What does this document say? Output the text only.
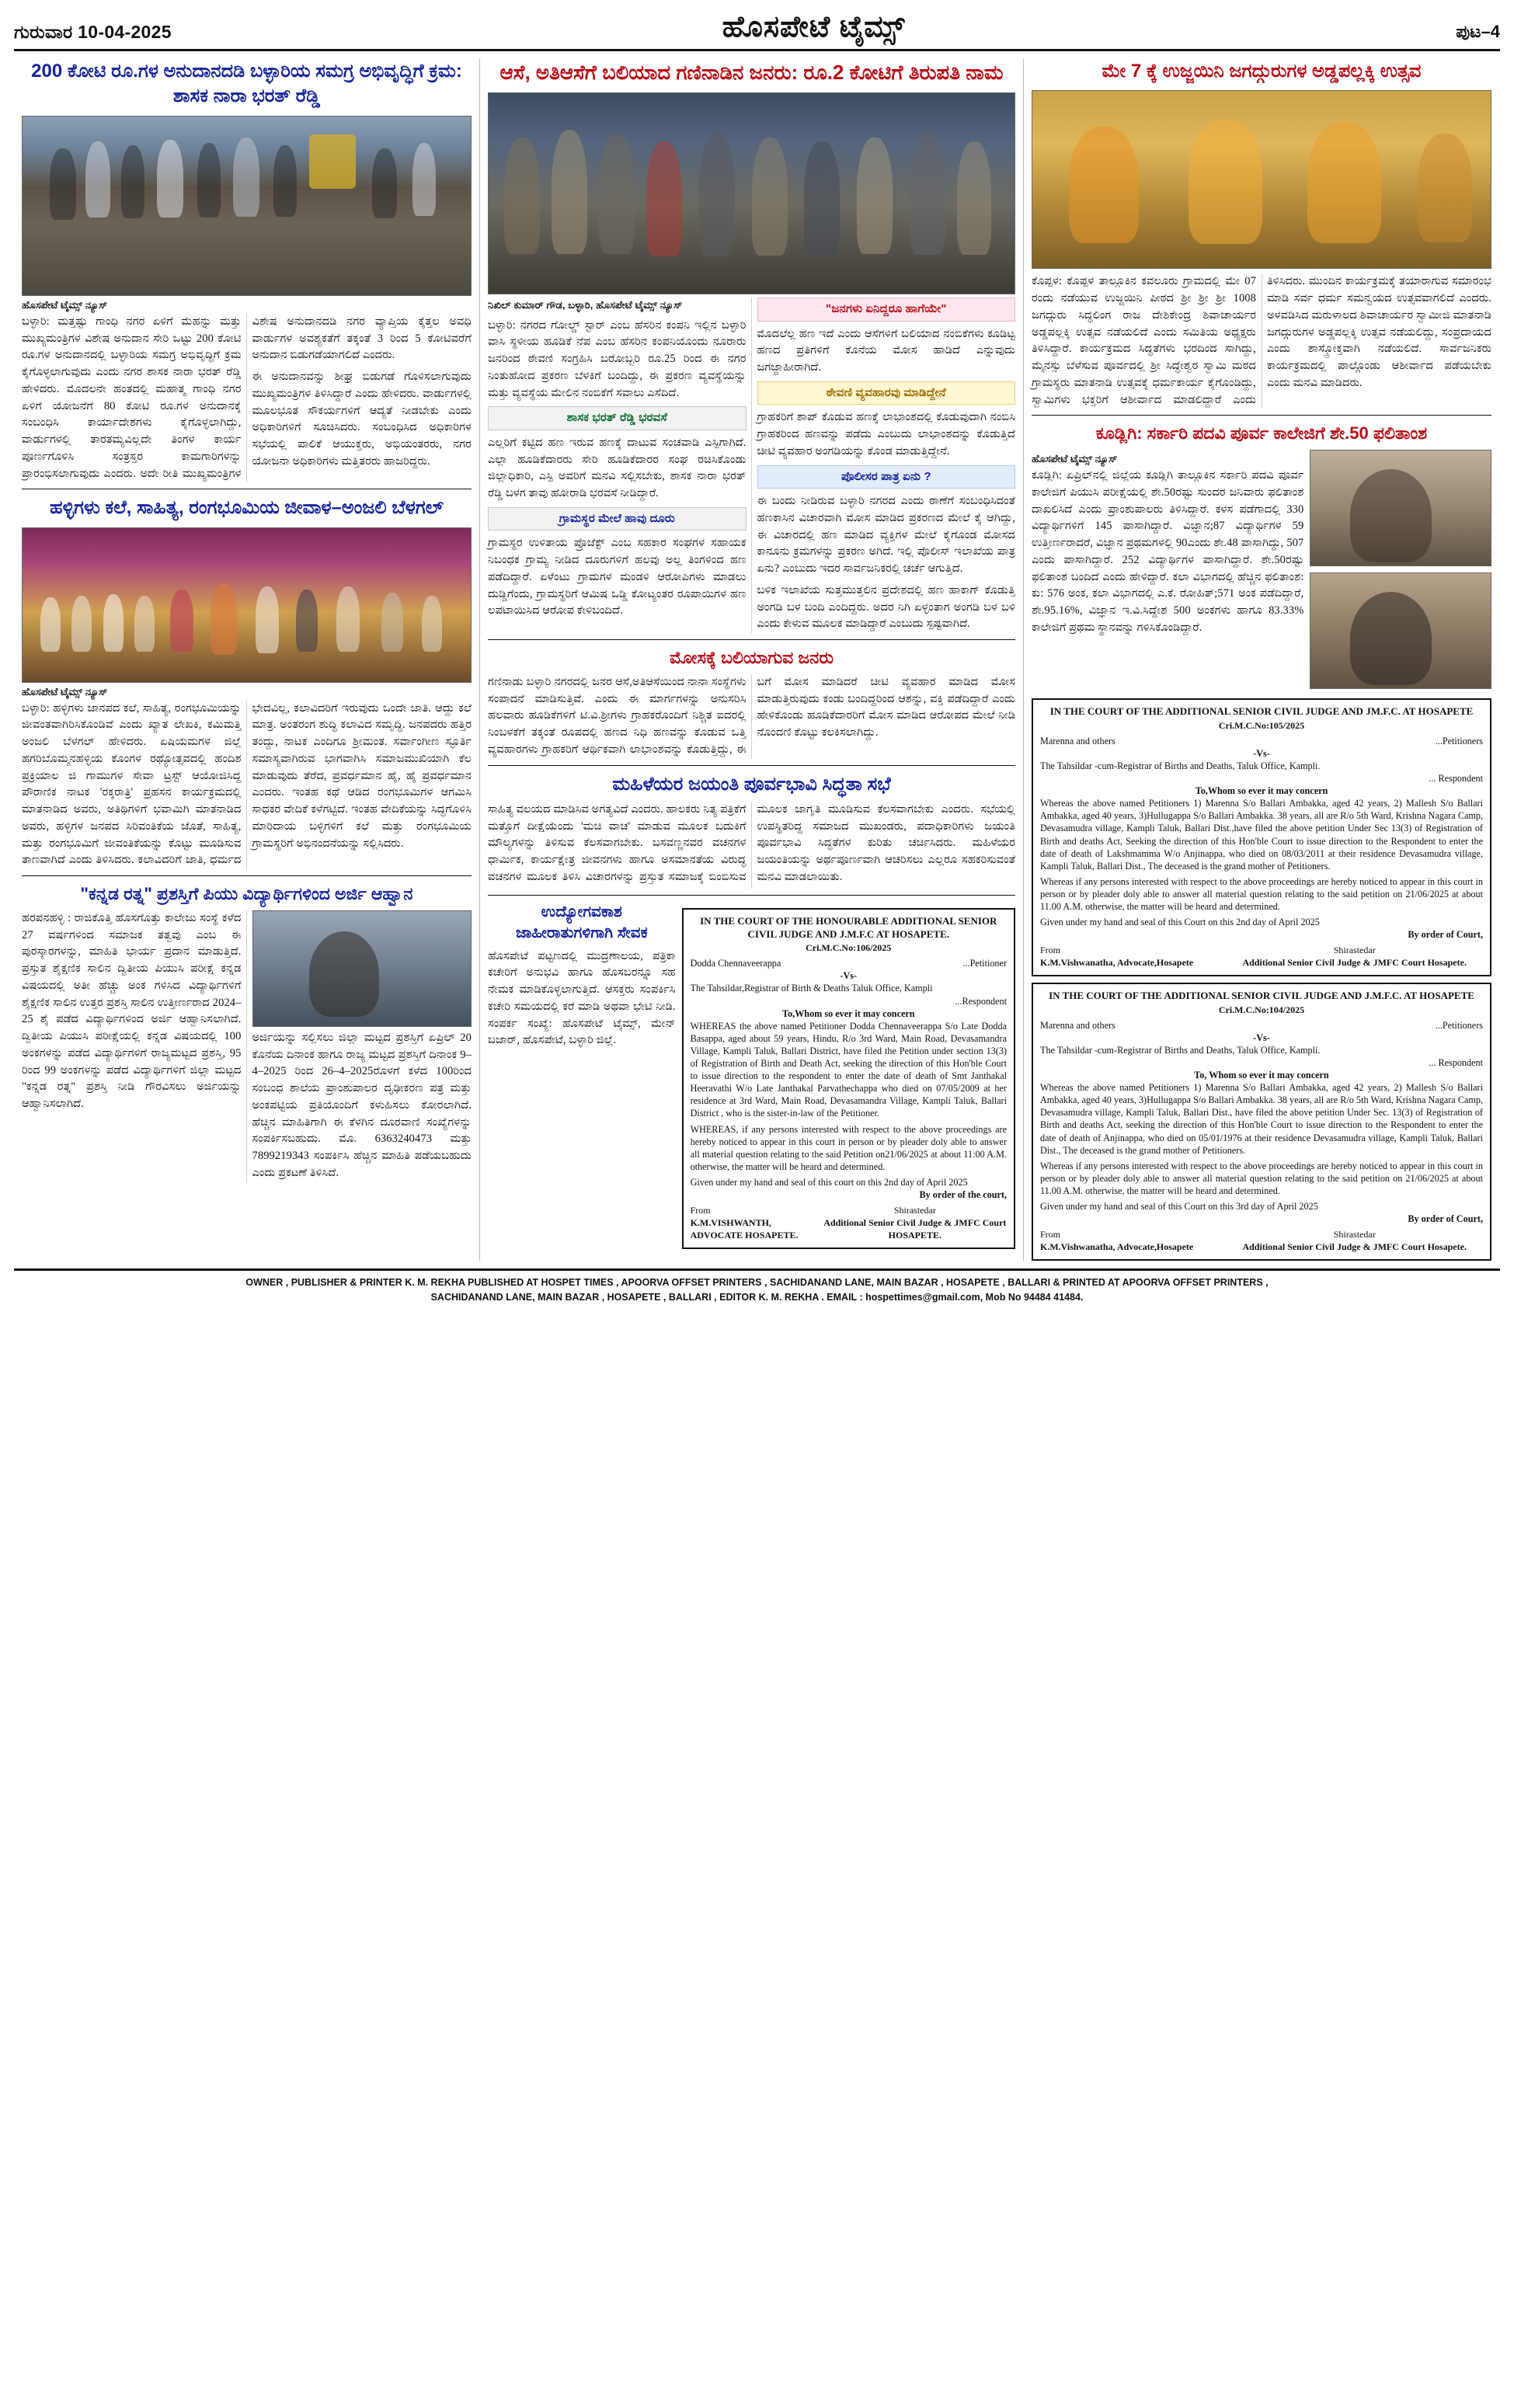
ಗುರುವಾರ 10-04-2025	ಹೊಸಪೇಟೆ ಟೈಮ್ಸ್	ಪುಟ–4
200 ಕೋಟಿ ರೂ.ಗಳ ಅನುದಾನದಡಿ ಬಳ್ಳಾರಿಯ ಸಮಗ್ರ ಅಭಿವೃದ್ಧಿಗೆ ಕ್ರಮ: ಶಾಸಕ ನಾರಾ ಭರತ್ ರೆಡ್ಡಿ
ಹೊಸಪೇಟೆ ಟೈಮ್ಸ್ ನ್ಯೂಸ್

ಬಳ್ಳಾರಿ: ಮತ್ತಷ್ಟು ಗಾಂಧಿ ನಗರ ಏಳಿಗೆ ಮೆಹನ್ನು ಮತ್ತು ಮುಖ್ಯಮಂತ್ರಿಗಳ ವಿಶೇಷ ಅನುದಾನ ಸೇರಿ ಒಟ್ಟು 200 ಕೋಟಿ ರೂ.ಗಳ ಅನುದಾನದಲ್ಲಿ ಬಳ್ಳಾರಿಯ ಸಮಗ್ರ ಅಭಿವೃದ್ಧಿಗೆ ಕ್ರಮ ಕೈಗೊಳ್ಳಲಾಗುವುದು ಎಂದು ನಗರ ಶಾಸಕ ನಾರಾ ಭರತ್ ರೆಡ್ಡಿ ಹೇಳಿದರು. ಮೊದಲನೇ ಹಂತದಲ್ಲಿ ಮಹಾತ್ಮ ಗಾಂಧಿ ನಗರ ಏಳಿಗೆ ಯೋಜನೆಗೆ 80 ಕೋಟಿ ರೂ.ಗಳ ಅನುದಾನಕ್ಕೆ ಸಂಬಂಧಿಸಿ ಕಾರ್ಯಾದೇಶಗಳು ಕೈಗೊಳ್ಳಲಾಗಿದ್ದು, ವಾರ್ಡುಗಳಲ್ಲಿ ತಾರತಮ್ಯವಿಲ್ಲದೇ ತಿಂಗಳ ಕಾರ್ಯ ಪೂರ್ಣಗೊಳಿಸಿ ಸಂತ್ರಸ್ತರ ಕಾಮಗಾರಿಗಳನ್ನು ಪ್ರಾರಂಭಿಸಲಾಗುವುದು ಎಂದರು. ಅದೇ ರೀತಿ ಮುಖ್ಯಮಂತ್ರಿಗಳ ವಿಶೇಷ ಅನುದಾನದಡಿ ನಗರ ವ್ಯಾಪ್ತಿಯ ಕೈತ್ತಲ ಅವಧಿ ವಾರ್ಡುಗಳ ಅವಶ್ಯಕತೆಗೆ ತಕ್ಕಂತೆ 3 ರಿಂದ 5 ಕೋಟಿವರೆಗೆ ಅನುದಾನ ಬಿಡುಗಡೆಯಾಗಲಿದೆ ಎಂದರು.

ಈ ಅನುದಾನವನ್ನು ಶೀಘ್ರ ಬಿಡುಗಡೆ ಗೊಳಿಸಲಾಗುವುದು ಮುಖ್ಯಮಂತ್ರಿಗಳ ತಿಳಿಸಿದ್ದಾರೆ ಎಂದು ಹೇಳಿದರು. ವಾರ್ಡುಗಳಲ್ಲಿ ಮೂಲಭೂತ ಸೌಕರ್ಯಗಳಿಗೆ ಆದ್ಯತೆ ನೀಡಬೇಕು ಎಂದು ಅಧಿಕಾರಿಗಳಿಗೆ ಸೂಚಿಸಿದರು. ಸಂಬಂಧಿಸಿದ ಅಧಿಕಾರಿಗಳ ಸಭೆಯಲ್ಲಿ ಪಾಲಿಕೆ ಆಯುಕ್ತರು, ಅಭಿಯಂತರರು, ನಗರ ಯೋಜನಾ ಅಧಿಕಾರಿಗಳು ಮತ್ತಿತರರು ಹಾಜರಿದ್ದರು.

ಹಳ್ಳಿಗಳು ಕಲೆ, ಸಾಹಿತ್ಯ, ರಂಗಭೂಮಿಯ ಜೀವಾಳ–ಅಂಜಲಿ ಬೆಳಗಲ್
ಹೊಸಪೇಟೆ ಟೈಮ್ಸ್ ನ್ಯೂಸ್

ಬಳ್ಳಾರಿ: ಹಳ್ಳಿಗಳು ಜಾನಪದ ಕಲೆ, ಸಾಹಿತ್ಯ, ರಂಗಭೂಮಿಯನ್ನು ಜೀವಂತವಾಗಿರಿಸಿಕೊಂಡಿವೆ ಎಂದು ಖ್ಯಾತ ಲೇಖಕಿ, ಕಮಿಮತ್ತಿ ಅಂಜಲಿ ಬೆಳಗಲ್ ಹೇಳಿದರು. ಏಷಿಯಮಗಳ ಜಿಲ್ಲೆ ಹಗರಿಬೊಮ್ಮನಹಳ್ಳಿಯ ಕೊಂಗಳ ರಥ್ಯೋತ್ಸವದಲ್ಲಿ ಹಂದಿಶ ಪ್ರಕ್ರಿಯಾಲ ಜಿ ಗಾಮುಗಳ ಸೇವಾ ಟ್ರಸ್ಟ್ ಆಯೋಜಿಸಿದ್ದ ಪೌರಾಣಿಕ ನಾಟಕ 'ರಕ್ಕರಾತ್ರಿ' ಪ್ರಹಸನ ಕಾರ್ಯಕ್ರಮದಲ್ಲಿ ಮಾತನಾಡಿದ ಅವರು, ಅತಿಥಿಗಳಿಗೆ ಭವಾಮಿಗಿ ಮಾತನಾಡಿದ ಅವರು, ಹಳ್ಳಿಗಳ ಜನಪದ ಸಿರಿವಂತಿಕೆಯ ಜೊತೆ, ಸಾಹಿತ್ಯ, ಮತ್ತು ರಂಗಭೂಮಿಗೆ ಜೀವಂತಿಕೆಯನ್ನು ಕೊಟ್ಟು ಮೂಡಿಸುವ ತಾಣವಾಗಿದೆ ಎಂದು ತಿಳಿಸಿದರು. ಕಲಾವಿದರಿಗೆ ಜಾತಿ, ಧರ್ಮದ ಭೇದವಿಲ್ಲ, ಕಲಾವಿದರಿಗೆ ಇರುವುದು ಒಂದೇ ಜಾತಿ. ಆದ್ದು ಕಲೆ ಮಾತ್ರ. ಅಂತರಂಗ ಶುದ್ಧಿ ಕಲಾವಿದ ಸಮೃದ್ಧಿ. ಜನಪದರು ಹತ್ತಿರ ತಂದ್ದು, ನಾಟಕ ಎಂದಿಗೂ ಶ್ರೀಮಂತ. ಸರ್ವಾಂಗೀಣ ಸ್ಫೂರ್ತಿ ಸಮಾಸ್ಯವಾಗಿರುವ ಭಾಗವಾಗಿಸಿ ಸಮಾಜಮುಖಿಯಾಗಿ ಕೆಲ ಮಾಡುವುದು ತೆರೆದ, ಪ್ರವರ್ಧಮಾನ ಹೈ, ಹೈ ಪ್ರವರ್ಧಮಾನ ಎಂದರು. ಇಂತಹ ಕಥೆ ಆಡಿದ ರಂಗಭೂಮಿಗಳ ಆಗಮಿಸಿ ಸಾಧಕರ ವೇದಿಕೆ ಕಳೆಗಟ್ಟಿದೆ. ಇಂತಹ ವೇದಿಕೆಯನ್ನು ಸಿದ್ಧಗೊಳಿಸಿ ಮಾರಿದಾಯ ಬಳ್ಳಿಗಳಿಗೆ ಕಲೆ ಮತ್ತು ರಂಗಭೂಮಿಯ ಗ್ರಾಮಸ್ಥರಿಗೆ ಅಭಿನಂದನೆಯನ್ನು ಸಲ್ಲಿಸಿದರು.

"ಕನ್ನಡ ರತ್ನ" ಪ್ರಶಸ್ತಿಗೆ ಪಿಯು ವಿದ್ಯಾರ್ಥಿಗಳಿಂದ ಅರ್ಜಿ ಆಹ್ವಾನ

ಹರಪನಹಳ್ಳಿ : ರಾಜಿಕೊತ್ತಿ ಹೊಸಗೊತ್ತು ಕಾಲೇಜು ಸಂಸ್ಥೆ ಕಳೆದ 27 ವರ್ಷಗಳಿಂದ ಸಮಾಜಕ ತತ್ವವು ಎಂಬ ಈ ಪುರಸ್ಕಾರಗಳನ್ನು, ಮಾಹಿತಿ ಭಾರ್ಯ ಪ್ರದಾನ ಮಾಡುತ್ತಿದೆ. ಪ್ರಸ್ತುತ ಶೈಕ್ಷಣಿಕ ಸಾಲಿನ ದ್ವಿತೀಯ ಪಿಯುಸಿ ಪರೀಕ್ಷೆ ಕನ್ನಡ ವಿಷಯದಲ್ಲಿ ಅತೀ ಹೆಚ್ಚು ಅಂಕ ಗಳಿಸಿದ ವಿದ್ಯಾರ್ಥಿಗಳಿಗೆ ಶೈಕ್ಷಣಿಕ ಸಾಲಿನ ಉತ್ತರ ಪ್ರಶಸ್ತಿ ಸಾಲಿನ ಉತ್ತೀರ್ಣರಾದ 2024–25 ಶೈ ಪಡೆದ ವಿದ್ಯಾರ್ಥಿಗಳಿಂದ ಅರ್ಜಿ ಆಹ್ವಾನಿಸಲಾಗಿದೆ. ದ್ವಿತೀಯ ಪಿಯುಸಿ ಪರೀಕ್ಷೆಯಲ್ಲಿ ಕನ್ನಡ ವಿಷಯದಲ್ಲಿ 100 ಅಂಕಗಳನ್ನು ಪಡೆದ ವಿದ್ಯಾರ್ಥಿಗಳಿಗೆ ರಾಜ್ಯಮಟ್ಟದ ಪ್ರಶಸ್ತಿ, 95 ರಿಂದ 99 ಅಂಕಗಳನ್ನು ಪಡೆದ ವಿದ್ಯಾರ್ಥಿಗಳಿಗೆ ಜಿಲ್ಲಾ ಮಟ್ಟದ "ಕನ್ನಡ ರತ್ನ" ಪ್ರಶಸ್ತಿ ನೀಡಿ ಗೌರವಿಸಲು ಅರ್ಜಿಯನ್ನು ಆಹ್ವಾನಿಸಲಾಗಿದೆ.

ಅರ್ಜಿಯನ್ನು ಸಲ್ಲಿಸಲು ಜಿಲ್ಲಾ ಮಟ್ಟದ ಪ್ರಶಸ್ತಿಗೆ ಏಪ್ರಿಲ್ 20 ಕೊನೆಯ ದಿನಾಂಕ ಹಾಗೂ ರಾಜ್ಯ ಮಟ್ಟದ ಪ್ರಶಸ್ತಿಗೆ ದಿನಾಂಕ 9–4–2025 ರಿಂದ 26–4–2025ರೊಳಗೆ ಕಳೆದ 100ರಿಂದ ಸಂಬಂಧ ಶಾಲೆಯ ಪ್ರಾಂಶುಪಾಲರ ದೃಢೀಕರಣ ಪತ್ರ ಮತ್ತು ಅಂಕಪಟ್ಟಿಯ ಪ್ರತಿಯೊಂದಿಗೆ ಕಳುಹಿಸಲು ಕೋರಲಾಗಿದೆ. ಹೆಚ್ಚಿನ ಮಾಹಿತಿಗಾಗಿ ಈ ಕೆಳಗಿನ ದೂರವಾಣಿ ಸಂಖ್ಯೆಗಳನ್ನು ಸಂಪರ್ಕಿಸಬಹುದು. ಮೊ. 6363240473 ಮತ್ತು 7899219343 ಸಂಪರ್ಕಿಸಿ ಹೆಚ್ಚಿನ ಮಾಹಿತಿ ಪಡೆಯಬಹುದು ಎಂದು ಪ್ರಕಟಣೆ ತಿಳಿಸಿದೆ.

ಆಸೆ, ಅತಿಆಸೆಗೆ ಬಲಿಯಾದ ಗಣಿನಾಡಿನ ಜನರು: ರೂ.2 ಕೋಟಿಗೆ ತಿರುಪತಿ ನಾಮ

ನಿಖಿಲ್ ಕುಮಾರ್ ಗೌಡ, ಬಳ್ಳಾರಿ, ಹೊಸಪೇಟೆ ಟೈಮ್ಸ್ ನ್ಯೂಸ್

ಬಳ್ಳಾರಿ: ನಗರದ ಗೋಲ್ಡ್ ಸ್ಟಾರ್ ಎಂಬ ಹೆಸರಿನ ಕಂಪನಿ ಇಲ್ಲಿನ ಬಳ್ಳಾರಿ ವಾಸಿ ಸ್ಥಳೀಯ ಹೂಡಿಕೆ ನೆಪ ಎಂಬ ಹೆಸರಿನ ಕಂಪನಿಯೊಂದು ನೂರಾರು ಜನರಿಂದ ಠೇವಣಿ ಸಂಗ್ರಹಿಸಿ ಬರೋಬ್ಬರಿ ರೂ.25 ರಿಂದ ಈ ನಗರ ನಿಂತುಹೋದ ಪ್ರಕರಣ ಬೆಳಕಿಗೆ ಬಂದಿದ್ದು, ಈ ಪ್ರಕರಣ ವ್ಯವಸ್ಥೆಯನ್ನು ಮತ್ತು ವ್ಯವಸ್ಥೆಯ ಮೇಲಿನ ನಂಬಿಕೆಗೆ ಸವಾಲು ಎಸೆದಿದೆ.

ಶಾಸಕ ಭರತ್ ರೆಡ್ಡಿ ಭರವಸೆ

ಎಲ್ಲರಿಗೆ ಕಟ್ಟಿದ ಹಣ ಇರುವ ಹಣಕ್ಕೆ ದಾಟುವ ಸಂಚವಾಡಿ ಎಸ್ಪಿಗಾಗಿದೆ. ಎಲ್ಲಾ ಹೂಡಿಕೆದಾರರು ಸೇರಿ ಹೂಡಿಕೆದಾರರ ಸಂಘ ರಚಿಸಿಕೊಂಡು ಜಿಲ್ಲಾಧಿಕಾರಿ, ಎಸ್ಪಿ ಅವರಿಗೆ ಮನವಿ ಸಲ್ಲಿಸಬೇಕು, ಶಾಸಕ ನಾರಾ ಭರತ್ ರೆಡ್ಡಿ ಬಳಗ ತಾವು ಹೋರಾಡಿ ಭರವಸೆ ನೀಡಿದ್ದಾರೆ.

ಗ್ರಾಮಸ್ಥರ ಮೇಲೆ ಹಾವು ದೂರು

ಗ್ರಾಮಸ್ಥರ ಉಳಿತಾಯ ಪ್ರೊಜೆಕ್ಟ್ ಎಂಬ ಸಹಕಾರ ಸಂಘಗಳ ಸಹಾಯಕ ನಿಬಂಧಕ ಗ್ರಾಮ್ಯ ನೀಡಿದ ದೂರುಗಳಿಗೆ ಹಲವು ಅಲ್ಲ ತಿಂಗಳಿಂದ ಹಣ ಪಡೆದಿದ್ದಾರೆ. ಏಳೆಂಟು ಗ್ರಾಮಗಳ ಮಂಡಳಿ ಆರೋಪಿಗಳು ಮಾಡಲು ದುಡ್ಡಿಗೆಂದು, ಗ್ರಾಮಸ್ಥರಿಗೆ ಆಮಿಷ ಒಡ್ಡಿ ಕೋಟ್ಯಂತರ ರೂಪಾಯಿಗಳ ಹಣ ಲಪಟಾಯಿಸಿದ ಆರೋಪ ಕೇಳಿಬಂದಿದೆ.

"ಜನಗಳು ಏನಿದ್ದರೂ ಹಾಗೆಯೇ"

ಮೊದಲೆಲ್ಲ ಹಣ ಇದೆ ಎಂದು ಆಸೆಗಳಿಗೆ ಬಲಿಯಾದ ನಂಬಿಕೆಗಳು ಕೂಡಿಟ್ಟ ಹಣದ ಪ್ರತಿಗಳಿಗೆ ಕೊನೆಯ ಮೋಸ ಹಾಡಿದೆ ಎನ್ನುವುದು ಜಗಜ್ಜಾಹೀರಾಗಿದೆ.

ಠೇವಣಿ ವ್ಯವಹಾರವು ಮಾಡಿದ್ದೇನೆ

ಗ್ರಾಹಕರಿಗೆ ಶಾಪ್ ಕೊಡುವ ಹಣಕ್ಕೆ ಲಾಭಾಂಶದಲ್ಲಿ ಕೊಡುವುದಾಗಿ ನಂಬಿಸಿ ಗ್ರಾಹಕರಿಂದ ಹಣವನ್ನು ಪಡೆದು ಎಂಬುದು ಲಾಭಾಂಶದನ್ನು ಕೊಡುತ್ತಿದೆ ಚೀಟಿ ವ್ಯವಹಾರ ಅಂಗಡಿಯನ್ನು ಕೊಂಡ ಮಾಡುತ್ತಿದ್ದೇನೆ.

ಪೊಲೀಸರ ಪಾತ್ರ ಏನು ?

ಈ ಬಂದು ನೀಡಿರುವ ಬಳ್ಳಾರಿ ನಗರದ ಎಂದು ಠಾಣೆಗೆ ಸಂಬಂಧಿಸಿದಂತೆ ಹಣಕಾಸಿನ ವಿಚಾರವಾಗಿ ಮೋಸ ಮಾಡಿದ ಪ್ರಕರಣದ ಮೇಲೆ ಕೈ ಆಗಿದ್ದು, ಈ ವಿಚಾರದಲ್ಲಿ ಹಣ ಮಾಡಿದ ವ್ಯಕ್ತಿಗಳ ಮೇಲೆ ಕೈಗೊಂಡ ಮೋಸದ ಕಾನೂನು ಕ್ರಮಗಳನ್ನು ಪ್ರಕರಣ ಅಗಿದೆ. ಇಲ್ಲಿ ಪೊಲೀಸ್ ಇಲಾಖೆಯ ಪಾತ್ರ ಏನು? ಎಂಬುದು ಇದರ ಸಾರ್ವಜನಿಕರಲ್ಲಿ ಚರ್ಚೆ ಆಗುತ್ತಿದೆ.

ಬಳಿಕ ಇಲಾಖೆಯ ಸುತ್ತಮುತ್ತಲಿನ ಪ್ರದೇಶದಲ್ಲಿ ಹಣ ಹಾಕಾಗ್ ಕೊಡುತ್ತಿ ಅಂಗಡಿ ಬಳ ಬಂದಿ ಎಂದಿದ್ದರು. ಅದರ ನಿಗಿ ಏಳ್ಳಂತಾಗ ಅಂಗಡಿ ಬಳ ಬಳಿ ಎಂದು ಕೇಳುವ ಮೂಲಕ ಮಾಡಿದ್ದಾರೆ ಎಂಬುದು ಸ್ಪಷ್ಟವಾಗಿದೆ.

ಮೋಸಕ್ಕೆ ಬಲಿಯಾಗುವ ಜನರು

ಗಣಿನಾಡು ಬಳ್ಳಾರಿ ನಗರದಲ್ಲಿ ಜನರ ಆಸೆ,ಅತಿಆಸೆಯಿಂದ ನಾನಾ ಸಂಸ್ಥೆಗಳು ಸಂಪಾದನೆ ಮಾಡಿಸುತ್ತಿವೆ. ಎಂದು ಈ ಮಾರ್ಗಗಳನ್ನು ಅನುಸರಿಸಿ ಹಲವಾರು ಹೂಡಿಕೆಗಳಿಗೆ ಟಿ.ವಿ.ಶ್ರೀಗಳು ಗ್ರಾಹಕರೊಂದಿಗೆ ನಿಶ್ಚಿತ ಐದರಲ್ಲಿ ನಿಂಬಳಕೆಗೆ ತಕ್ಕಂತೆ ರೂಪದಲ್ಲಿ ಹಣದ ನಿಧಿ ಹಣವನ್ನು ಕೊಡುವ ಒತ್ತಿ ವ್ಯವಹಾರಗಳು ಗ್ರಾಹಕರಿಗೆ ಆರ್ಥಿಕವಾಗಿ ಲಾಭಾಂಶವನ್ನು ಕೊಡುತ್ತಿದ್ದು, ಈ ಬಗೆ ಮೋಸ ಮಾಡಿದರೆ ಚೀಟಿ ವ್ಯವಹಾರ ಮಾಡಿದ ಮೋಸ ಮಾಡುತ್ತಿರುವುದು ಕಂಡು ಬಂದಿದ್ದರಿಂದ ಆಶನ್ನು, ವಕ್ತಿ ಪಡೆದಿದ್ದಾರೆ ಎಂದು ಹೇಳಿಕೊಂಡು ಹೂಡಿಕೆದಾರರಿಗೆ ಮೋಸ ಮಾಡಿದ ಆರೋಪದ ಮೇಲೆ ನೀಡಿ ನೊಂದಣಿ ಕೊಟ್ಟು ಕಲಕಿಸಲಾಗಿದ್ದು.

ಮಹಿಳೆಯರ ಜಯಂತಿ ಪೂರ್ವಭಾವಿ ಸಿದ್ಧತಾ ಸಭೆ

ಸಾಹಿತ್ಯ ವಲಯದ ಮಾಡಿಸಿವ ಅಗತ್ಯವಿದೆ ಎಂದರು. ಹಾಲಕರು ನಿತ್ಯ ಪತ್ರಿಕೆಗೆ ಮತ್ತೊಗೆ ದೀಕ್ಷೆಯೆಂದು 'ಮಚಿ ವಾಚ' ಮಾಡುವ ಮೂಲಕ ಬದುಕಿಗೆ ಮೌಲ್ಯಗಳನ್ನು ತಿಳಿಸುವ ಕೆಲಸವಾಗಬೇಕು. ಬಸವಣ್ಣನವರ ವಚನಗಳ ಧಾರ್ಮಿಕ, ಕಾರ್ಯಕ್ಷೇತ್ರ ಜೀವನಗಳು ಹಾಗೂ ಅಸಮಾನತೆಯ ವಿರುದ್ಧ ವಚನಗಳ ಮೂಲಕ ತಿಳಿಸಿ ವಿಚಾರಗಳನ್ನು ಪ್ರಸ್ತುತ ಸಮಾಜಕ್ಕೆ ಬಿಂಬಿಸುವ ಮೂಲಕ ಜಾಗೃತಿ ಮೂಡಿಸುವ ಕೆಲಸವಾಗಬೇಕು ಎಂದರು. ಸಭೆಯಲ್ಲಿ ಉಪಸ್ಥಿತರಿದ್ದ ಸಮಾಜದ ಮುಖಂಡರು, ಪದಾಧಿಕಾರಿಗಳು ಜಯಂತಿ ಪೂರ್ವಭಾವಿ ಸಿದ್ಧತೆಗಳ ಕುರಿತು ಚರ್ಚಿಸಿದರು. ಮಹಿಳೆಯರ ಜಯಂತಿಯನ್ನು ಅರ್ಥಪೂರ್ಣವಾಗಿ ಆಚರಿಸಲು ಎಲ್ಲರೂ ಸಹಕರಿಸುವಂತೆ ಮನವಿ ಮಾಡಲಾಯಿತು.

ಉದ್ಯೋಗವಕಾಶ
ಜಾಹೀರಾತುಗಳಿಗಾಗಿ ಸೇವಕ
ಹೊಸಪೇಟೆ ಪಟ್ಟಣದಲ್ಲಿ ಮುದ್ರಣಾಲಯ, ಪತ್ರಿಕಾ ಕಚೇರಿಗೆ ಅನುಭವಿ ಹಾಗೂ ಹೊಸಬರನ್ನೂ ಸಹ ನೇಮಕ ಮಾಡಿಕೊಳ್ಳಲಾಗುತ್ತಿದೆ. ಆಸಕ್ತರು ಸಂಪರ್ಕಿಸಿ ಕಚೇರಿ ಸಮಯದಲ್ಲಿ ಕರೆ ಮಾಡಿ ಅಥವಾ ಭೇಟಿ ನೀಡಿ. ಸಂಪರ್ಕ ಸಂಖ್ಯೆ: ಹೊಸಪೇಟೆ ಟೈಮ್ಸ್, ಮೇನ್ ಬಜಾರ್, ಹೊಸಪೇಟೆ, ಬಳ್ಳಾರಿ ಜಿಲ್ಲೆ.
IN THE COURT OF THE HONOURABLE ADDITIONAL SENIOR CIVIL JUDGE AND J.M.F.C AT HOSAPETE.
Cri.M.C.No:106/2025
Dodda Chennaveerappa	...Petitioner
-Vs-
The Tahsildar,Registrar of Birth & Deaths Taluk Office, Kampli
...Respondent
To,Whom so ever it may concern
WHEREAS the above named Petitioner Dodda Chennaveerappa S/o Late Dodda Basappa, aged about 59 years, Hindu, R/o 3rd Ward, Main Road, Devasamandra Village, Kampli Taluk, Ballari District, have filed the Petition under section 13(3) of Registration of Birth and Death Act, seeking the direction of this Hon'ble Court to issue direction to the respondent to enter the date of death of Smt Janthakal Heeravathi W/o Late Janthakal Parvathechappa who died on 07/05/2009 at her residence at 3rd Ward, Main Road, Devasamandra Village, Kampli Taluk, Ballari District , who is the sister-in-law of the Petitioner.
WHEREAS, if any persons interested with respect to the above proceedings are hereby noticed to appear in this court in person or by pleader doly able to answer all material question relating to the said Petition on21/06/2025 at about 11:00 A.M. otherwise, the matter will be heard and determined.
Given under my hand and seal of this court on this 2nd day of April 2025
By order of the court,
From
K.M.VISHWANTH, ADVOCATE HOSAPETE.
Shirastedar
Additional Senior Civil Judge & JMFC Court HOSAPETE.
ಮೇ 7 ಕ್ಕೆ ಉಜ್ಜಯಿನಿ ಜಗದ್ಗುರುಗಳ ಅಡ್ಡಪಲ್ಲಕ್ಕಿ ಉತ್ಸವ

ಕೊಪ್ಪಳ: ಕೊಪ್ಪಳ ತಾಲ್ಲೂಕಿನ ಕವಲೂರು ಗ್ರಾಮದಲ್ಲಿ ಮೇ 07 ರಂದು ನಡೆಯುವ ಉಜ್ಜಯಿನಿ ಪೀಠದ ಶ್ರೀ ಶ್ರೀ ಶ್ರೀ 1008 ಜಗದ್ಗುರು ಸಿದ್ಧಲಿಂಗ ರಾಜ ದೇಶಿಕೇಂದ್ರ ಶಿವಾಚಾರ್ಯರ ಅಡ್ಡಪಲ್ಲಕ್ಕಿ ಉತ್ಸವ ನಡೆಯಲಿದೆ ಎಂದು ಸಮಿತಿಯ ಅಧ್ಯಕ್ಷರು ತಿಳಿಸಿದ್ದಾರೆ. ಕಾರ್ಯಕ್ರಮದ ಸಿದ್ಧತೆಗಳು ಭರದಿಂದ ಸಾಗಿದ್ದು, ಮೈನಸ್ಸು ಬೆಳೆಸುವ ಪೂರ್ವದಲ್ಲಿ ಶ್ರೀ ಸಿದ್ಧೇಶ್ವರ ಸ್ವಾಮಿ ಮಠದ ಗ್ರಾಮಸ್ಥರು ಮಾತನಾಡಿ ಉತ್ಸವಕ್ಕೆ ಧರ್ಮಕಾರ್ಯ ಕೈಗೊಂಡಿದ್ದು, ಸ್ವಾಮಿಗಳು ಭಕ್ತರಿಗೆ ಆಶೀರ್ವಾದ ಮಾಡಲಿದ್ದಾರೆ ಎಂದು ತಿಳಿಸಿದರು. ಮುಂದಿನ ಕಾರ್ಯಕ್ರಮಕ್ಕೆ ತಯಾರಾಗುವ ಸಮಾರಂಭ ಮಾಡಿ ಸರ್ವ ಧರ್ಮ ಸಮನ್ವಯದ ಉತ್ಸವವಾಗಲಿದೆ ಎಂದರು. ಅಳವಡಿಸಿದ ಮರುಳಾಲದ ಶಿವಾಚಾರ್ಯರ ಸ್ವಾಮೀಜಿ ಮಾತನಾಡಿ ಜಗದ್ಗುರುಗಳ ಅಡ್ಡಪಲ್ಲಕ್ಕಿ ಉತ್ಸವ ನಡೆಯಲಿದ್ದು, ಸಂಪ್ರದಾಯದ ಎಂದು ಶಾಸ್ತ್ರೋಕ್ತವಾಗಿ ನಡೆಯಲಿದೆ. ಸಾರ್ವಜನಿಕರು ಕಾರ್ಯಕ್ರಮದಲ್ಲಿ ಪಾಲ್ಗೊಂಡು ಆಶೀರ್ವಾದ ಪಡೆಯಬೇಕು ಎಂದು ಮನವಿ ಮಾಡಿದರು.

ಕೂಡ್ಲಿಗಿ: ಸರ್ಕಾರಿ ಪದವಿ ಪೂರ್ವ ಕಾಲೇಜಿಗೆ ಶೇ.50 ಫಲಿತಾಂಶ
ಹೊಸಪೇಟೆ ಟೈಮ್ಸ್ ನ್ಯೂಸ್
ಕೂಡ್ಲಿಗಿ: ಏಪ್ರಿಲ್‌ನಲ್ಲಿ ಜಿಲ್ಲೆಯ ಕೂಡ್ಲಿಗಿ ತಾಲ್ಲೂಕಿನ ಸರ್ಕಾರಿ ಪದವಿ ಪೂರ್ವ ಕಾಲೇಜಿಗೆ ಪಿಯುಸಿ ಪರೀಕ್ಷೆಯಲ್ಲಿ ಶೇ.50ರಷ್ಟು ಸುಂದರ ಜನಿವಾರು ಫಲಿತಾಂಶ ದಾಖಲಿಸಿದೆ ಎಂದು ಪ್ರಾಂಶುಪಾಲರು ತಿಳಿಸಿದ್ದಾರೆ. ಕಳಸ ಪಡೆಗಾದಲ್ಲಿ 330 ವಿದ್ಯಾರ್ಥಿಗಳಿಗೆ 145 ಪಾಸಾಗಿದ್ದಾರೆ. ವಿಜ್ಞಾನ;87 ವಿದ್ಯಾರ್ಥಿಗಳ 59 ಉತ್ತೀರ್ಣರಾದರೆ, ವಿಜ್ಞಾನ ಪ್ರಥಮಗಳಲ್ಲಿ 90ಎಂದು ಶೇ.48 ಪಾಸಾಗಿದ್ದು, 507 ಎಂದು ಪಾಸಾಗಿದ್ದಾರೆ. 252 ವಿದ್ಯಾರ್ಥಿಗಳ ಪಾಸಾಗಿದ್ದಾರೆ. ಶೇ.50ರಷ್ಟು ಫಲಿತಾಂಶ ಬಂದಿದೆ ಎಂದು ಹೇಳಿದ್ದಾರೆ. ಕಲಾ ವಿಭಾಗದಲ್ಲಿ ಹೆಚ್ಚಿನ ಫಲಿತಾಂಶ: ಕು: 576 ಅಂಕ, ಕಲಾ ವಿಭಾಗದಲ್ಲಿ ಎ.ಕೆ. ರೋಹಿತ್;571 ಅಂಕ ಪಡೆದಿದ್ದಾರೆ, ಶೇ.95.16%, ವಿಜ್ಞಾನ ಇ.ವಿ.ಸಿದ್ದೇಶ 500 ಅಂಕಗಳು ಹಾಗೂ 83.33% ಕಾಲೇಜಿಗೆ ಪ್ರಥಮ ಸ್ಥಾನವನ್ನು ಗಳಿಸಿಕೊಂಡಿದ್ದಾರೆ.
IN THE COURT OF THE ADDITIONAL SENIOR CIVIL JUDGE AND JM.F.C. AT HOSAPETE
Cri.M.C.No:105/2025
Marenna and others	...Petitioners
-Vs-
The Tahsildar -cum-Registrar of Births and Deaths, Taluk Office, Kampli.
... Respondent
To,Whom so ever it may concern
Whereas the above named Petitioners 1) Marenna S/o Ballari Ambakka, aged 42 years, 2) Mallesh S/o Ballari Ambakka, aged 40 years, 3)Hullugappa S/o Ballari Ambakka. 38 years, all are R/o 5th Ward, Krishna Nagara Camp, Devasamudra village, Kampli Taluk, Ballari Dist.,have filed the above petition Under Sec 13(3) of Registration of Birth and deaths Act, Seeking the direction of this Hon'ble Court to issue direction to the Respondent to enter the date of death of Lakshmamma W/o Anjinappa, who died on 08/03/2011 at their residence Devasamudra village, Kampli Taluk, Ballari Dist., The deceased is the grand mother of Petitioners.
Whereas if any persons interested with respect to the above proceedings are hereby noticed to appear in this court in person or by pleader doly able to answer all material question relating to the said petition on 21/06/2025 at about 11.00 A.M. otherwise, the matter will be heard and determined.
Given under my hand and seal of this Court on this 2nd day of April 2025
By order of Court,
From
K.M.Vishwanatha, Advocate,Hosapete
Shirastedar
Additional Senior Civil Judge & JMFC Court Hosapete.
IN THE COURT OF THE ADDITIONAL SENIOR CIVIL JUDGE AND J.M.F.C. AT HOSAPETE
Cri.M.C.No:104/2025
Marenna and others	...Petitioners
-Vs-
The Tahsildar -cum-Registrar of Births and Deaths, Taluk Office, Kampli.
... Respondent
To, Whom so ever it may concern
Whereas the above named Petitioners 1) Marenna S/o Ballari Ambakka, aged 42 years, 2) Mallesh S/o Ballari Ambakka, aged 40 years, 3)Hullugappa S/o Ballari Ambakka. 38 years, all are R/o 5th Ward, Krishna Nagara Camp, Devasamudra village, Kampli Taluk, Ballari Dist., have filed the above petition Under Sec. 13(3) of Registration of Birth and deaths Act, seeking the direction of this Hon'ble Court to issue direction to the Respondent to enter the date of death of Anjinappa, who died on 05/01/1976 at their residence Devasamudra village, Kampli Taluk, Ballari Dist., The deceased is the grand mother of Petitioners.
Whereas if any persons interested with respect to the above proceedings are hereby noticed to appear in this court in person or by pleader doly able to answer all material question relating to the said petition on 21/06/2025 at about 11.00 A.M. otherwise, the matter will be heard and determined.
Given under my hand and seal of this Court on this 3rd day of April 2025
By order of Court,
From
K.M.Vishwanatha, Advocate,Hosapete
Shirastedar
Additional Senior Civil Judge & JMFC Court Hosapete.
OWNER , PUBLISHER & PRINTER K. M. REKHA PUBLISHED AT HOSPET TIMES , APOORVA OFFSET PRINTERS , SACHIDANAND LANE, MAIN BAZAR , HOSAPETE , BALLARI & PRINTED AT APOORVA OFFSET PRINTERS ,
SACHIDANAND LANE, MAIN BAZAR , HOSAPETE , BALLARI , EDITOR K. M. REKHA . EMAIL : hospettimes@gmail.com, Mob No 94484 41484.
